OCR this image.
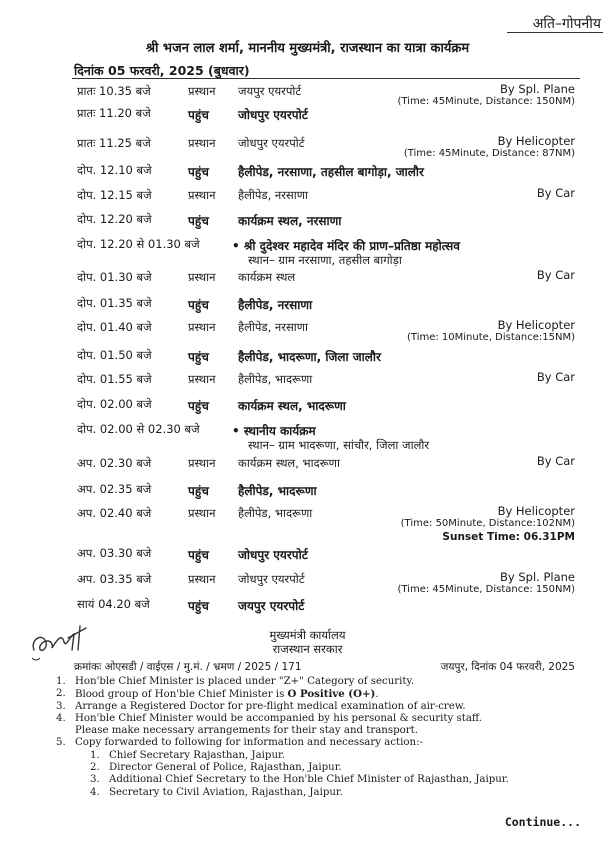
अति–गोपनीय
श्री भजन लाल शर्मा, माननीय मुख्यमंत्री, राजस्थान का यात्रा कार्यक्रम
दिनांक 05 फरवरी, 2025 (बुधवार)
प्रातः 10.35 बजे	प्रस्थान जयपुर एयरपोर्ट	By Spl. Plane
(Time: 45Minute, Distance: 150NM)
प्रातः 11.20 बजे	पहुंच जोधपुर एयरपोर्ट
प्रातः 11.25 बजे	प्रस्थान जोधपुर एयरपोर्ट	By Helicopter
(Time: 45Minute, Distance: 87NM)
दोप. 12.10 बजे	पहुंच हैलीपेड, नरसाणा, तहसील बागोड़ा, जालौर
दोप. 12.15 बजे	प्रस्थान हैलीपेड, नरसाणा	By Car
दोप. 12.20 बजे	पहुंच कार्यक्रम स्थल, नरसाणा
दोप. 12.20 से 01.30 बजे	• श्री दुदेश्वर महादेव मंदिर की प्राण–प्रतिष्ठा महोत्सव
स्थान– ग्राम नरसाणा, तहसील बागोड़ा
दोप. 01.30 बजे	प्रस्थान कार्यक्रम स्थल	By Car
दोप. 01.35 बजे	पहुंच हैलीपेड, नरसाणा
दोप. 01.40 बजे	प्रस्थान हैलीपेड, नरसाणा	By Helicopter
(Time: 10Minute, Distance:15NM)
दोप. 01.50 बजे	पहुंच हैलीपेड, भादरूणा, जिला जालौर
दोप. 01.55 बजे	प्रस्थान हैलीपेड, भादरूणा	By Car
दोप. 02.00 बजे	पहुंच कार्यक्रम स्थल, भादरूणा
दोप. 02.00 से 02.30 बजे	• स्थानीय कार्यक्रम
स्थान– ग्राम भादरूणा, सांचौर, जिला जालौर
अप. 02.30 बजे	प्रस्थान कार्यक्रम स्थल, भादरूणा	By Car
अप. 02.35 बजे	पहुंच हैलीपेड, भादरूणा
अप. 02.40 बजे	प्रस्थान हैलीपेड, भादरूणा	By Helicopter
(Time: 50Minute, Distance:102NM)
Sunset Time: 06.31PM
अप. 03.30 बजे	पहुंच जोधपुर एयरपोर्ट
अप. 03.35 बजे	प्रस्थान जोधपुर एयरपोर्ट	By Spl. Plane
(Time: 45Minute, Distance: 150NM)
सायं 04.20 बजे	पहुंच जयपुर एयरपोर्ट
मुख्यमंत्री कार्यालय
राजस्थान सरकार
क्रमांकः ओएसडी / वाईएस / मु.मं. / भ्रमण / 2025 / 171	जयपुर, दिनांक 04 फरवरी, 2025
1. Hon'ble Chief Minister is placed under "Z+" Category of security.
2. Blood group of Hon'ble Chief Minister is O Positive (O+).
3. Arrange a Registered Doctor for pre-flight medical examination of air-crew.
4. Hon'ble Chief Minister would be accompanied by his personal & security staff.
Please make necessary arrangements for their stay and transport.
5. Copy forwarded to following for information and necessary action:-
1. Chief Secretary Rajasthan, Jaipur.
2. Director General of Police, Rajasthan, Jaipur.
3. Additional Chief Secretary to the Hon'ble Chief Minister of Rajasthan, Jaipur.
4. Secretary to Civil Aviation, Rajasthan, Jaipur.
Continue...
